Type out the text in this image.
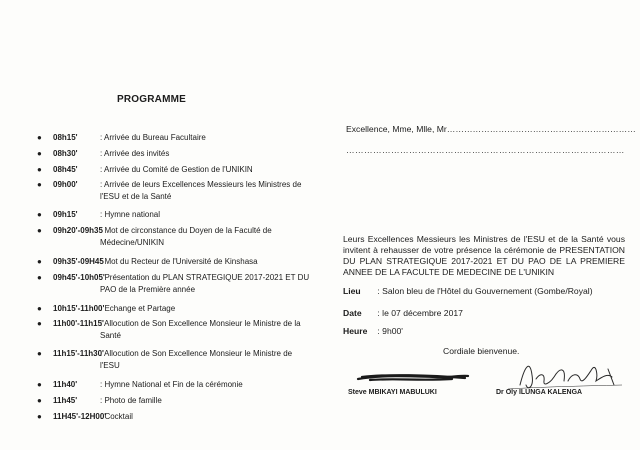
PROGRAMME
● 08h15'	: Arrivée du Bureau Facultaire
● 08h30'	: Arrivée des invités
● 08h45'	: Arrivée du Comité de Gestion de l'UNIKIN
● 09h00'	: Arrivée de leurs Excellences Messieurs les Ministres de l'ESU et de la Santé
● 09h15'	: Hymne national
● 09h20'-09h35
: Mot de circonstance du Doyen de la Faculté de Médecine/UNIKIN
● 09h35'-09H45
: Mot du Recteur de l'Université de Kinshasa
● 09h45'-10h05'
: Présentation du PLAN STRATEGIQUE 2017-2021 ET DU PAO de la Première année
● 10h15'-11h00'
: Echange et Partage
● 11h00'-11h15'
: Allocution de Son Excellence Monsieur le Ministre de la Santé
● 11h15'-11h30'
: Allocution de Son Excellence Monsieur le Ministre de l'ESU
● 11h40'	: Hymne National et Fin de la cérémonie
● 11h45'	: Photo de famille
● 11H45'-12H00'
: Cocktail
Excellence, Mme, Mlle, Mr…………………………………………………………
…………………………………………………………………………………
Leurs Excellences Messieurs les Ministres de l'ESU et de la Santé vous invitent à rehausser de votre présence la cérémonie de PRESENTATION DU PLAN STRATEGIQUE 2017-2021 ET DU PAO DE LA PREMIERE ANNEE DE LA FACULTE DE MEDECINE DE L'UNIKIN
Lieu : Salon bleu de l'Hôtel du Gouvernement (Gombe/Royal)
Date : le 07 décembre 2017
Heure : 9h00'
Cordiale bienvenue.
Steve MBIKAYI MABULUKI	Dr Oly ILUNGA KALENGA
